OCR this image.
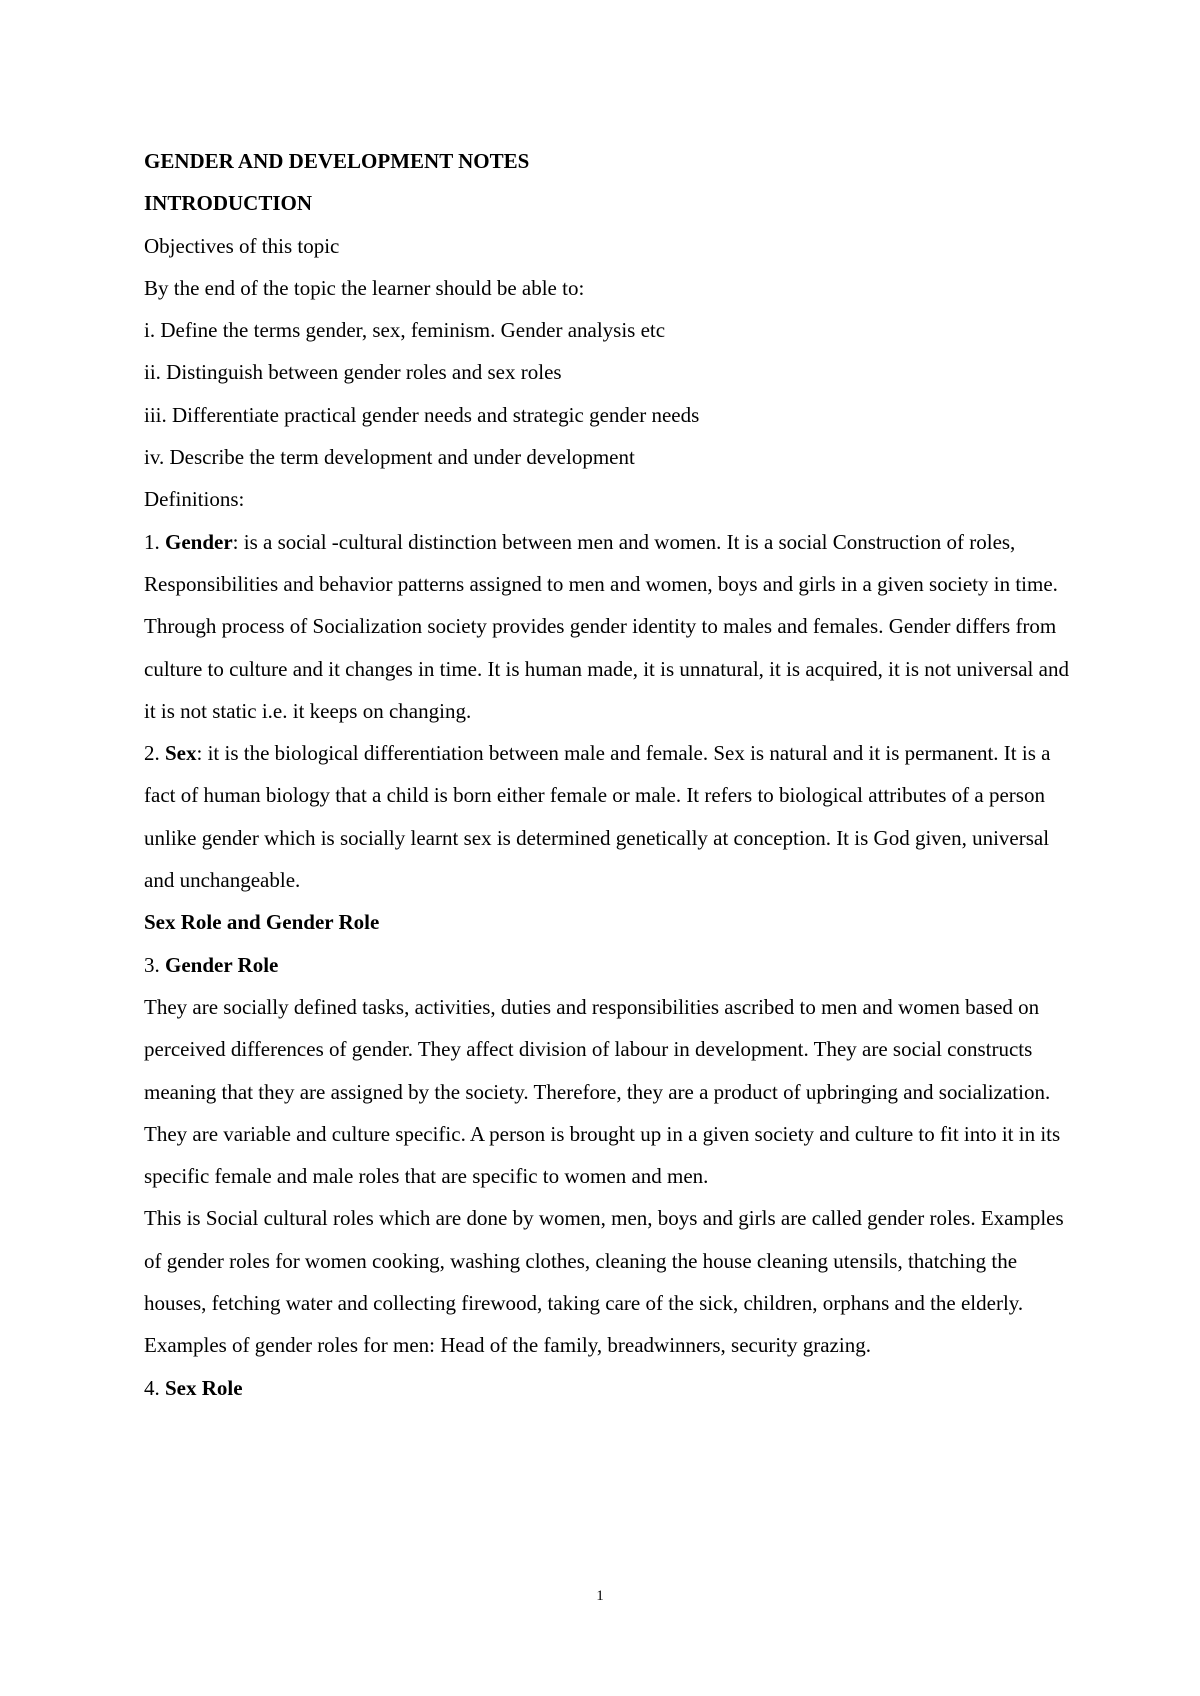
GENDER AND DEVELOPMENT NOTES

INTRODUCTION

Objectives of this topic

By the end of the topic the learner should be able to:

i. Define the terms gender, sex, feminism. Gender analysis etc

ii. Distinguish between gender roles and sex roles

iii. Differentiate practical gender needs and strategic gender needs

iv. Describe the term development and under development

Definitions:

1. Gender: is a social -cultural distinction between men and women. It is a social Construction of roles, Responsibilities and behavior patterns assigned to men and women, boys and girls in a given society in time. Through process of Socialization society provides gender identity to males and females. Gender differs from culture to culture and it changes in time. It is human made, it is unnatural, it is acquired, it is not universal and it is not static i.e. it keeps on changing.

2. Sex: it is the biological differentiation between male and female. Sex is natural and it is permanent. It is a fact of human biology that a child is born either female or male. It refers to biological attributes of a person unlike gender which is socially learnt sex is determined genetically at conception. It is God given, universal and unchangeable.

Sex Role and Gender Role

3. Gender Role

They are socially defined tasks, activities, duties and responsibilities ascribed to men and women based on perceived differences of gender. They affect division of labour in development. They are social constructs meaning that they are assigned by the society. Therefore, they are a product of upbringing and socialization. They are variable and culture specific. A person is brought up in a given society and culture to fit into it in its specific female and male roles that are specific to women and men.

This is Social cultural roles which are done by women, men, boys and girls are called gender roles. Examples of gender roles for women cooking, washing clothes, cleaning the house cleaning utensils, thatching the houses, fetching water and collecting firewood, taking care of the sick, children, orphans and the elderly. Examples of gender roles for men: Head of the family, breadwinners, security grazing.

4. Sex Role

1
